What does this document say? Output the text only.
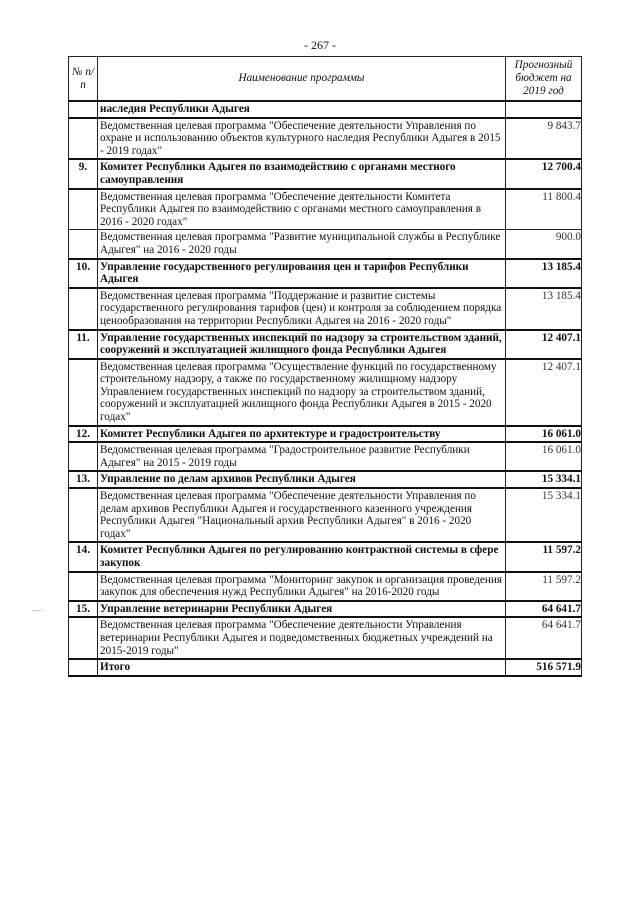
- 267 -
№ п/п	Наименование программы	Прогнозный бюджет на 2019 год
	наследия Республики Адыгея	
	Ведомственная целевая программа "Обеспечение деятельности Управления по охране и использованию объектов культурного наследия Республики Адыгея в 2015 - 2019 годах"	9 843.7
9.	Комитет Республики Адыгея по взаимодействию с органами местного самоуправления	12 700.4
	Ведомственная целевая программа "Обеспечение деятельности Комитета Республики Адыгея по взаимодействию с органами местного самоуправления в 2016 - 2020 годах"	11 800.4
	Ведомственная целевая программа "Развитие муниципальной службы в Республике Адыгея" на 2016 - 2020 годы	900.0
10.	Управление государственного регулирования цен и тарифов Республики Адыгея	13 185.4
	Ведомственная целевая программа "Поддержание и развитие системы государственного регулирования тарифов (цен) и контроля за соблюдением порядка ценообразования на территории Республики Адыгея на 2016 - 2020 годы"	13 185.4
11.	Управление государственных инспекций по надзору за строительством зданий, сооружений и эксплуатацией жилищного фонда Республики Адыгея	12 407.1
	Ведомственная целевая программа "Осуществление функций по государственному строительному надзору, а также по государственному жилищному надзору Управлением государственных инспекций по надзору за строительством зданий, сооружений и эксплуатацией жилищного фонда Республики Адыгея в 2015 - 2020 годах"	12 407.1
12.	Комитет Республики Адыгея по архитектуре и градостроительству	16 061.0
	Ведомственная целевая программа "Градостроительное развитие Республики Адыгея" на 2015 - 2019 годы	16 061.0
13.	Управление по делам архивов Республики Адыгея	15 334.1
	Ведомственная целевая программа "Обеспечение деятельности Управления по делам архивов Республики Адыгея и государственного казенного учреждения Республики Адыгея "Национальный архив Республики Адыгея" в 2016 - 2020 годах"	15 334.1
14.	Комитет Республики Адыгея по регулированию контрактной системы в сфере закупок	11 597.2
	Ведомственная целевая программа "Мониторинг закупок и организация проведения закупок для обеспечения нужд Республики Адыгея" на 2016-2020 годы	11 597.2
15.	Управление ветеринарии Республики Адыгея	64 641.7
	Ведомственная целевая программа "Обеспечение деятельности Управления ветеринарии Республики Адыгея и подведомственных бюджетных учреждений на 2015-2019 годы"	64 641.7
	Итого	516 571.9
—·
